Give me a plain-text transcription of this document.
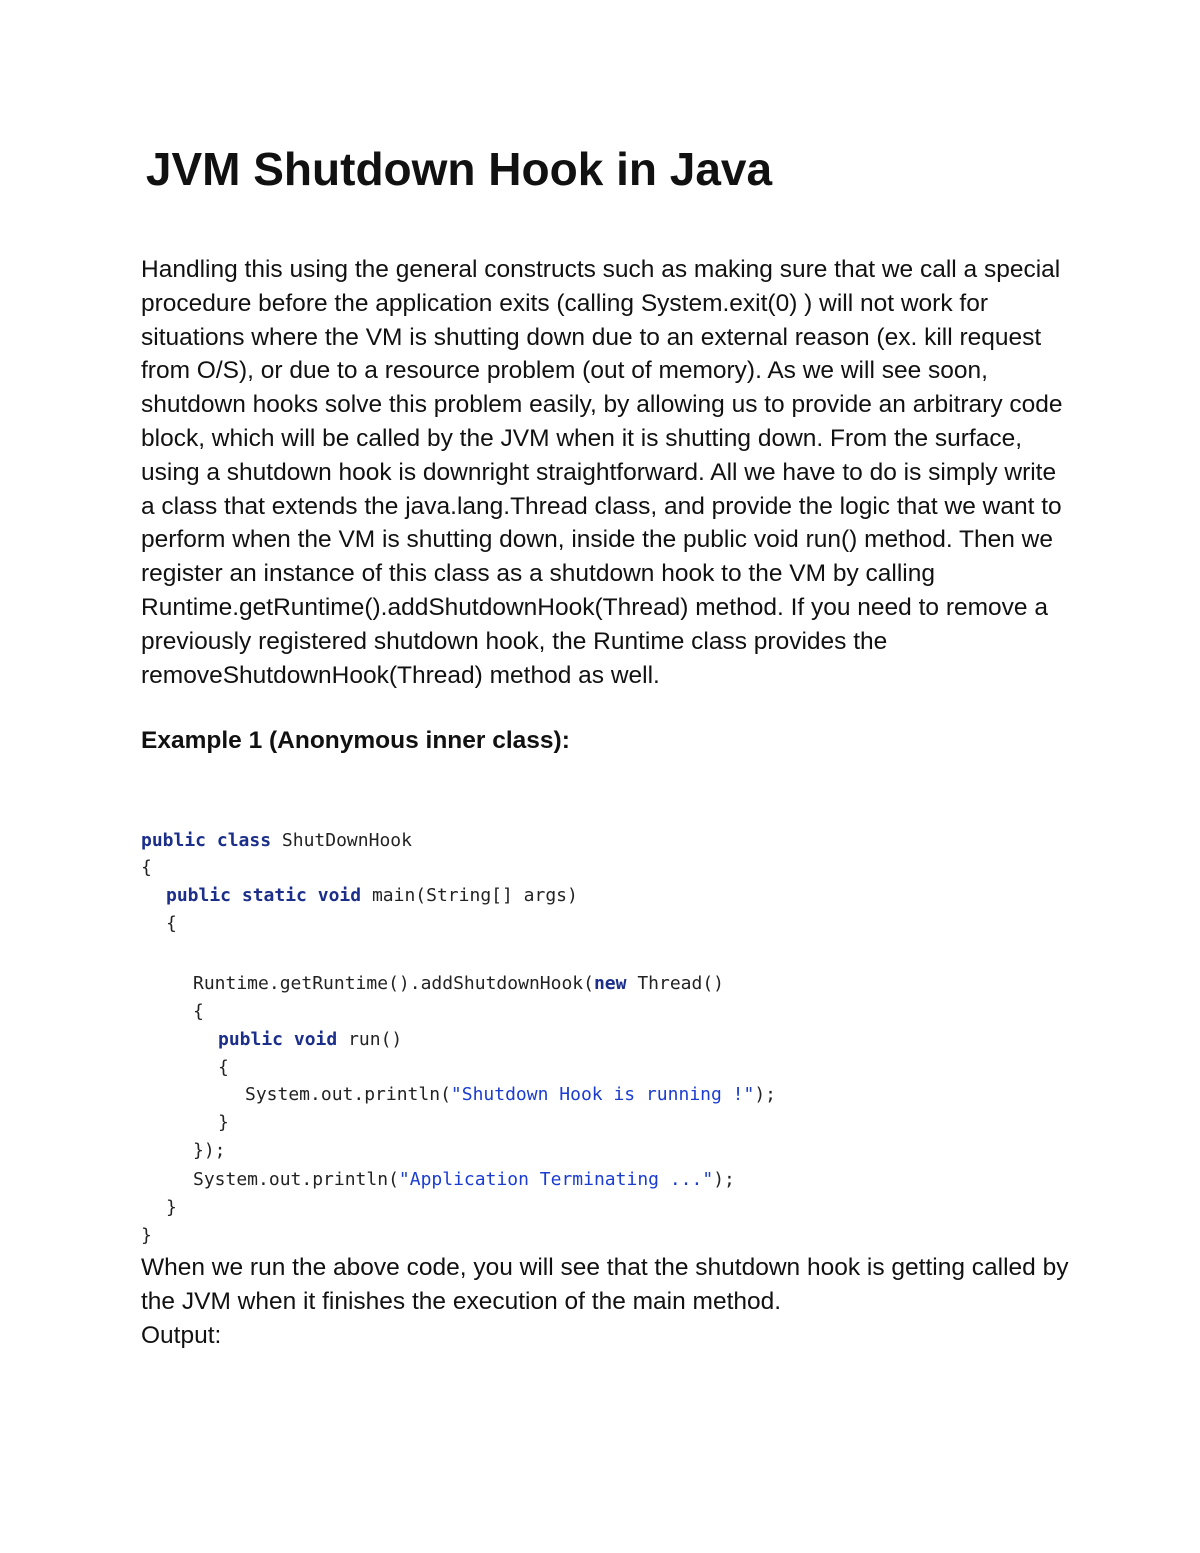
JVM Shutdown Hook in Java

Handling this using the general constructs such as making sure that we call a special procedure before the application exits (calling System.exit(0) ) will not work for situations where the VM is shutting down due to an external reason (ex. kill request from O/S), or due to a resource problem (out of memory). As we will see soon, shutdown hooks solve this problem easily, by allowing us to provide an arbitrary code block, which will be called by the JVM when it is shutting down. From the surface, using a shutdown hook is downright straightforward. All we have to do is simply write a class that extends the java.lang.Thread class, and provide the logic that we want to perform when the VM is shutting down, inside the public void run() method. Then we register an instance of this class as a shutdown hook to the VM by calling Runtime.getRuntime().addShutdownHook(Thread) method. If you need to remove a previously registered shutdown hook, the Runtime class provides the removeShutdownHook(Thread) method as well.

Example 1 (Anonymous inner class):

public class ShutDownHook
{
public static void main(String[] args)
{
Runtime.getRuntime().addShutdownHook(new Thread()
{
public void run()
{
System.out.println("Shutdown Hook is running !");
}
});
System.out.println("Application Terminating ...");
}
}

When we run the above code, you will see that the shutdown hook is getting called by the JVM when it finishes the execution of the main method.

Output:
